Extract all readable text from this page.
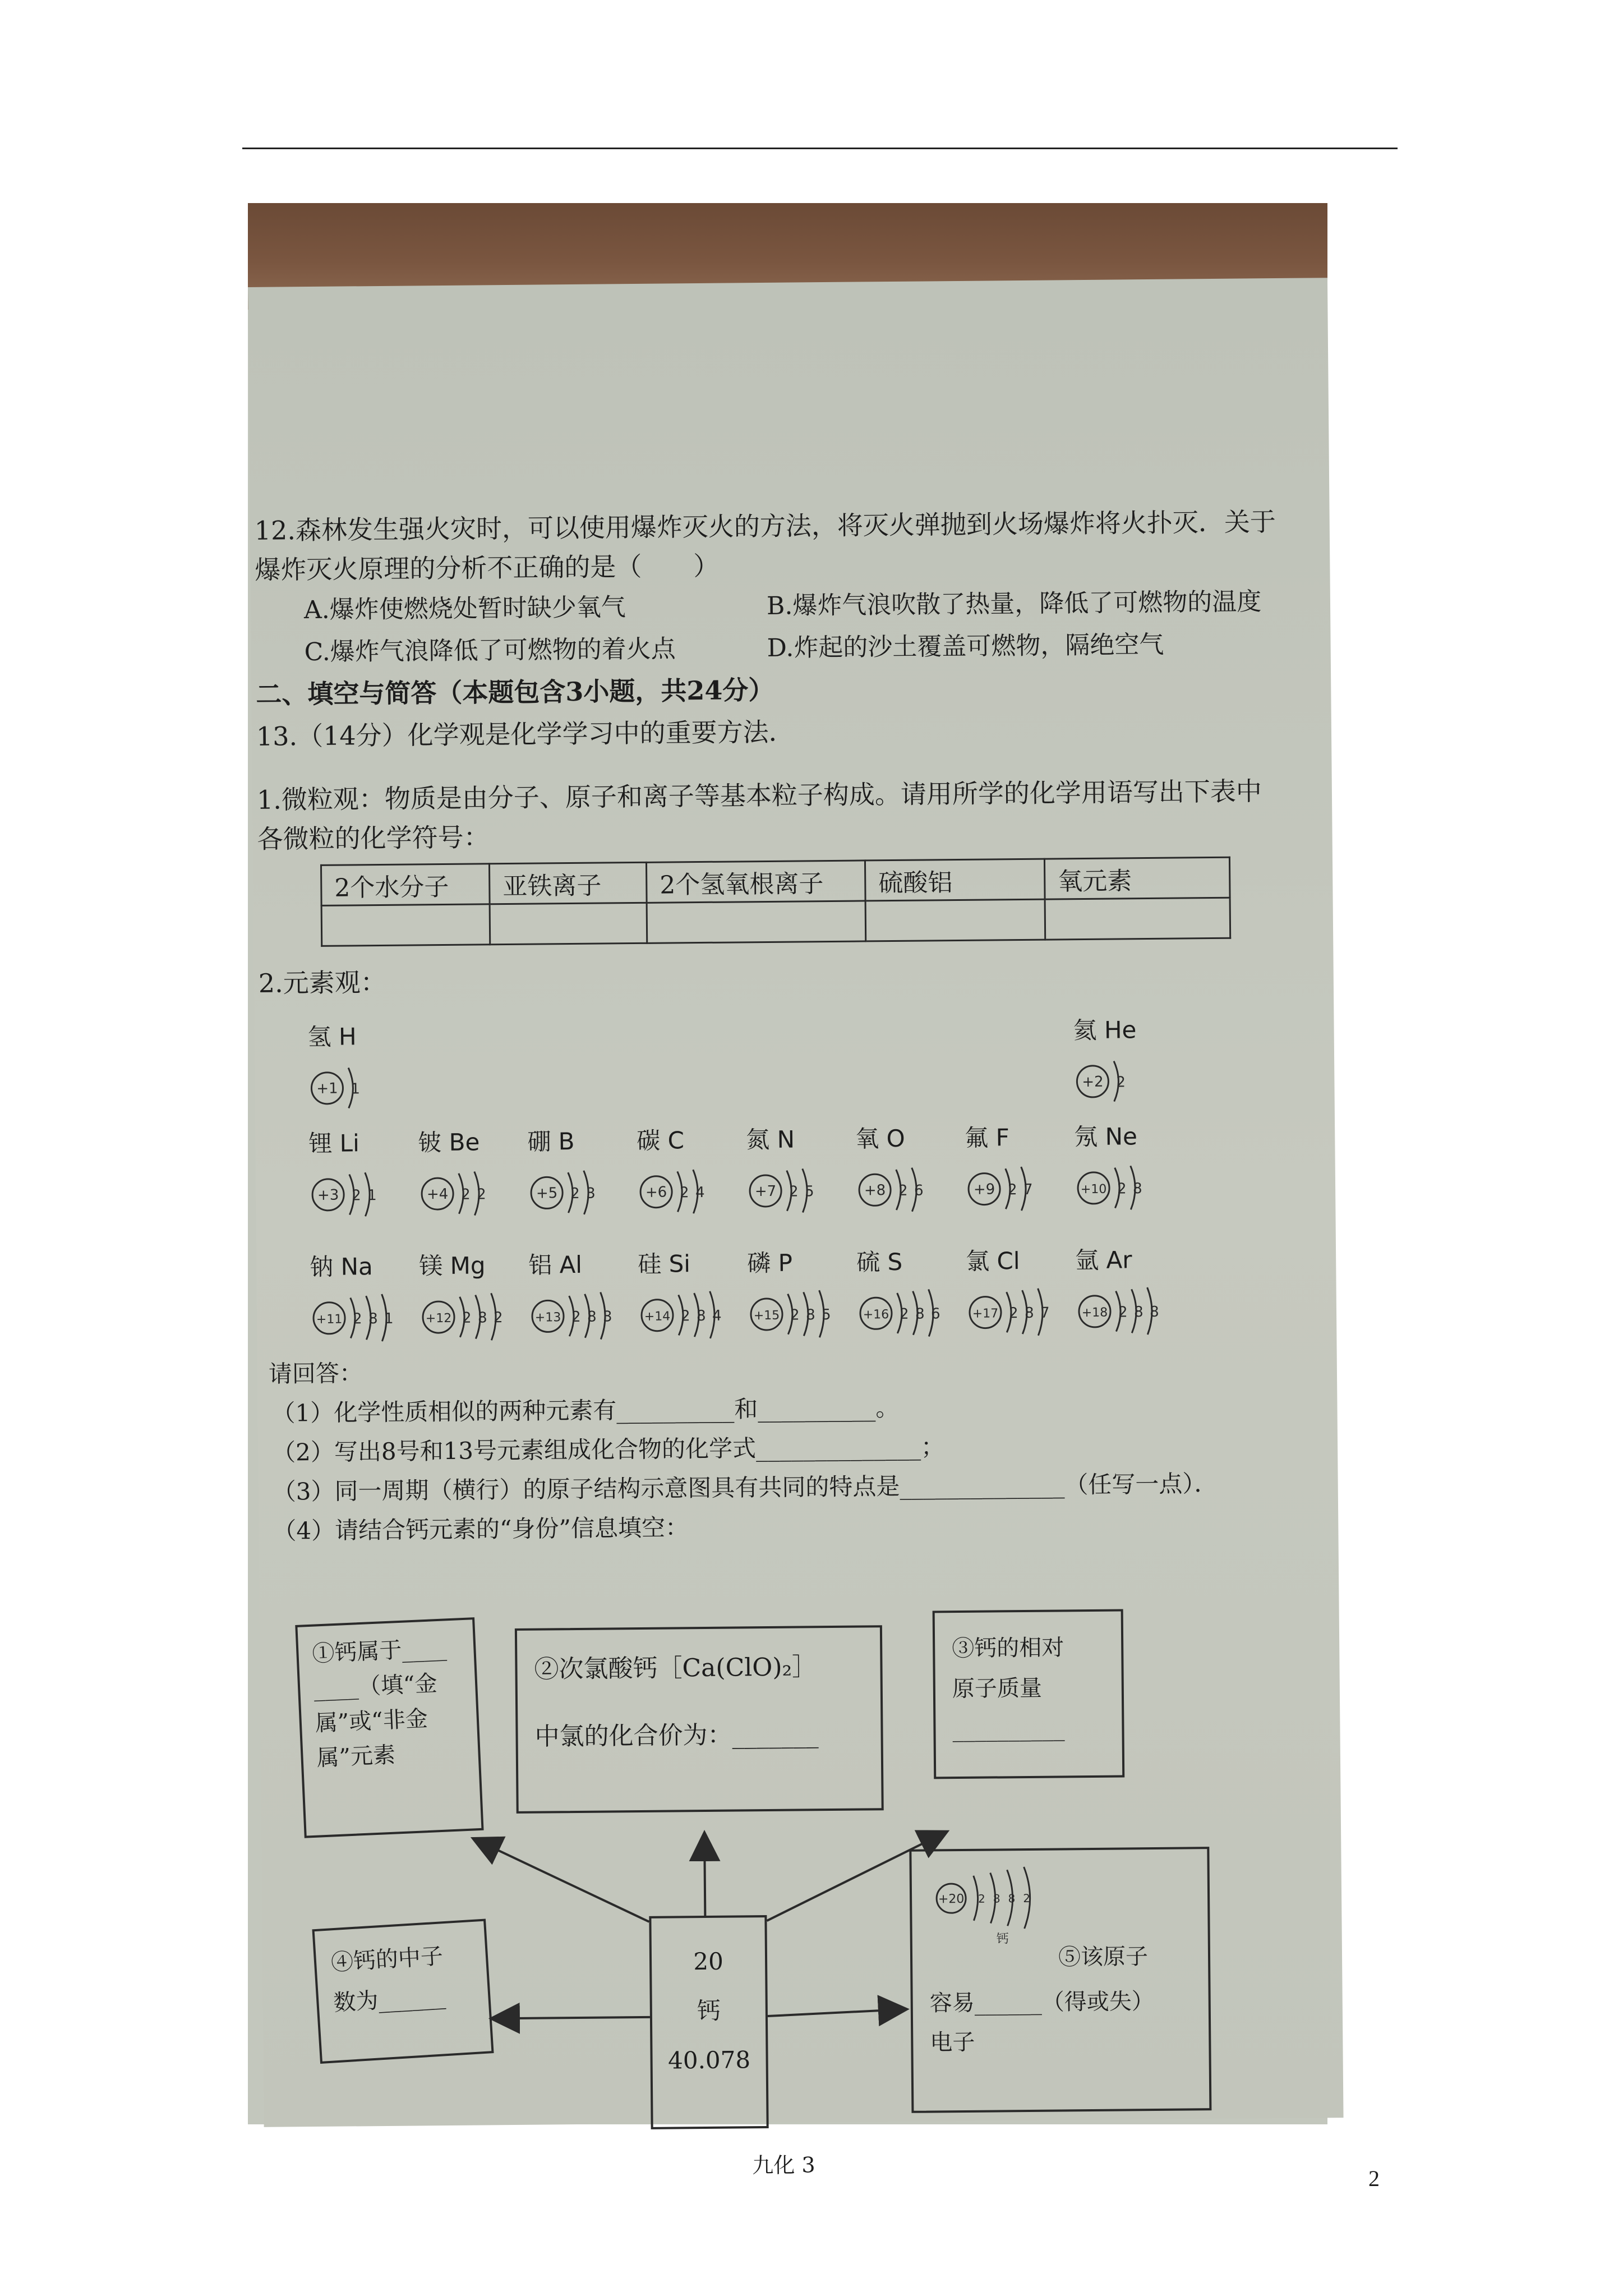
12.森林发生强火灾时，可以使用爆炸灭火的方法，将灭火弹抛到火场爆炸将火扑灭．关于
爆炸灭火原理的分析不正确的是（　　）
A.爆炸使燃烧处暂时缺少氧气	B.爆炸气浪吹散了热量，降低了可燃物的温度
C.爆炸气浪降低了可燃物的着火点	D.炸起的沙土覆盖可燃物，隔绝空气
二、填空与简答（本题包含3小题，共24分）
13.（14分）化学观是化学学习中的重要方法．
1.微粒观：物质是由分子、原子和离子等基本粒子构成。请用所学的化学用语写出下表中
各微粒的化学符号：
2个水分子	亚铁离子	2个氢氧根离子	硫酸铝	氧元素

2.元素观：
氢 H
+1 1
氦 He
+2 2
锂 Li
+3 2 1
铍 Be
+4 2 2
硼 B
+5 2 3
碳 C
+6 2 4
氮 N
+7 2 5
氧 O
+8 2 6
氟 F
+9 2 7
氖 Ne
+10 2 8
钠 Na
+11 2 8 1
镁 Mg
+12 2 8 2
铝 Al
+13 2 8 3
硅 Si
+14 2 8 4
磷 P
+15 2 8 5
硫 S
+16 2 8 6
氯 Cl
+17 2 8 7
氩 Ar
+18 2 8 8
请回答：
（1）化学性质相似的两种元素有__________和__________。
（2）写出8号和13号元素组成化合物的化学式______________；
（3）同一周期（横行）的原子结构示意图具有共同的特点是______________（任写一点）．
（4）请结合钙元素的“身份”信息填空：
①钙属于____
____（填“金
属”或“非金
属”元素
②次氯酸钙［Ca(ClO)₂］
中氯的化合价为：_______
③钙的相对
原子质量
__________
④钙的中子
数为______
20
钙
40.078
+20 2882
钙
⑤该原子
容易______（得或失）
电子
九化 3
2
